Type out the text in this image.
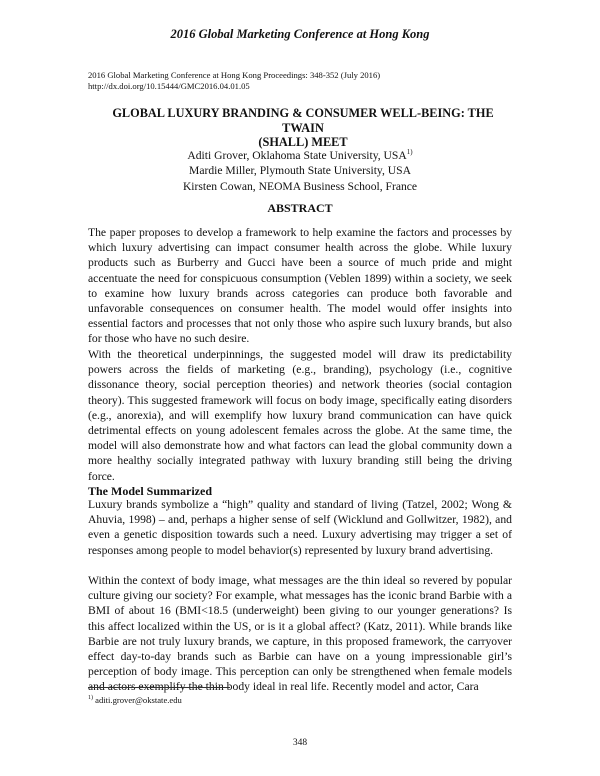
2016 Global Marketing Conference at Hong Kong
2016 Global Marketing Conference at Hong Kong Proceedings: 348-352 (July 2016)
http://dx.doi.org/10.15444/GMC2016.04.01.05
GLOBAL LUXURY BRANDING & CONSUMER WELL-BEING: THE TWAIN
(SHALL) MEET
Aditi Grover, Oklahoma State University, USA$^{1)}$
Mardie Miller, Plymouth State University, USA
Kirsten Cowan, NEOMA Business School, France
ABSTRACT

The paper proposes to develop a framework to help examine the factors and processes by which luxury advertising can impact consumer health across the globe. While luxury products such as Burberry and Gucci have been a source of much pride and might accentuate the need for conspicuous consumption (Veblen 1899) within a society, we seek to examine how luxury brands across categories can produce both favorable and unfavorable consequences on consumer health. The model would offer insights into essential factors and processes that not only those who aspire such luxury brands, but also for those who have no such desire.

With the theoretical underpinnings, the suggested model will draw its predictability powers across the fields of marketing (e.g., branding), psychology (i.e., cognitive dissonance theory, social perception theories) and network theories (social contagion theory). This suggested framework will focus on body image, specifically eating disorders (e.g., anorexia), and will exemplify how luxury brand communication can have quick detrimental effects on young adolescent females across the globe. At the same time, the model will also demonstrate how and what factors can lead the global community down a more healthy socially integrated pathway with luxury branding still being the driving force.

The Model Summarized

Luxury brands symbolize a “high” quality and standard of living (Tatzel, 2002; Wong & Ahuvia, 1998) – and, perhaps a higher sense of self (Wicklund and Gollwitzer, 1982), and even a genetic disposition towards such a need. Luxury advertising may trigger a set of responses among people to model behavior(s) represented by luxury brand advertising.

Within the context of body image, what messages are the thin ideal so revered by popular culture giving our society? For example, what messages has the iconic brand Barbie with a BMI of about 16 (BMI<18.5 (underweight) been giving to our younger generations? Is this affect localized within the US, or is it a global affect? (Katz, 2011). While brands like Barbie are not truly luxury brands, we capture, in this proposed framework, the carryover effect day-to-day brands such as Barbie can have on a young impressionable girl’s perception of body image. This perception can only be strengthened when female models and actors exemplify the thin body ideal in real life. Recently model and actor, Cara

$^{1)}$ aditi.grover@okstate.edu
348
